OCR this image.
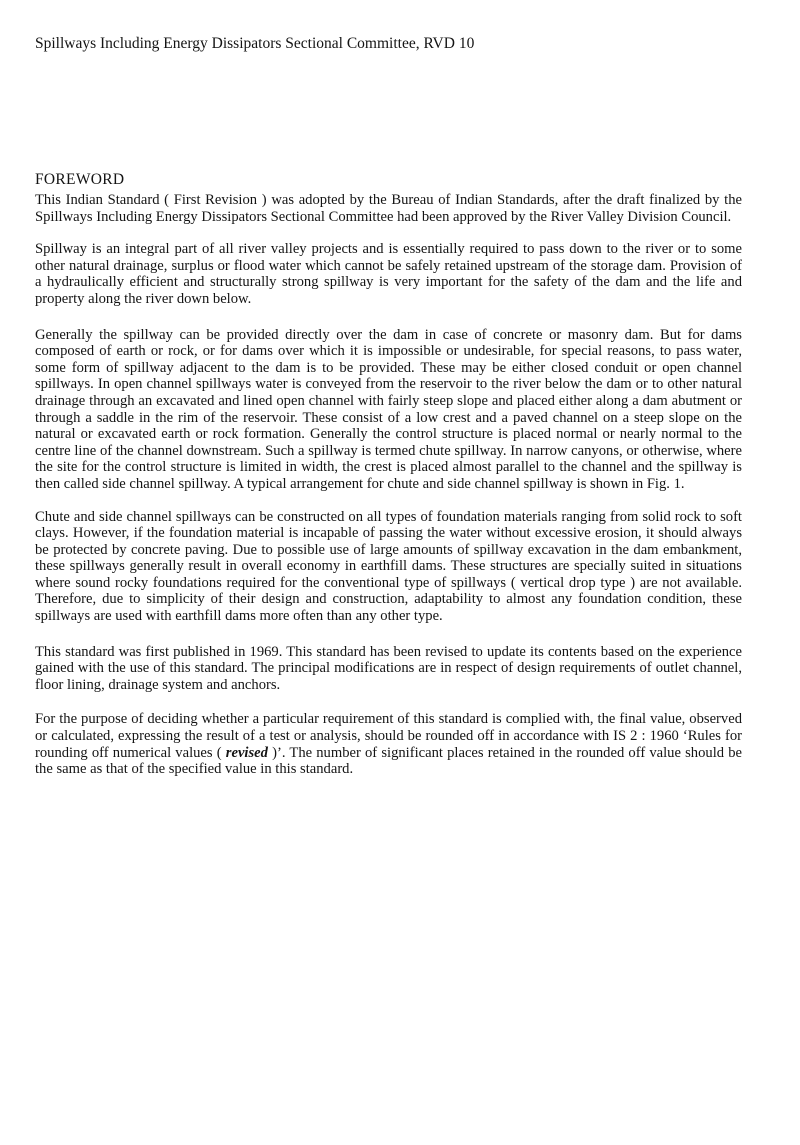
Spillways Including Energy Dissipators Sectional Committee, RVD 10
FOREWORD

This Indian Standard ( First Revision ) was adopted by the Bureau of Indian Standards, after the draft finalized by the Spillways Including Energy Dissipators Sectional Committee had been approved by the River Valley Division Council.

Spillway is an integral part of all river valley projects and is essentially required to pass down to the river or to some other natural drainage, surplus or flood water which cannot be safely retained upstream of the storage dam. Provision of a hydraulically efficient and structurally strong spillway is very important for the safety of the dam and the life and property along the river down below.

Generally the spillway can be provided directly over the dam in case of concrete or masonry dam. But for dams composed of earth or rock, or for dams over which it is impossible or undesirable, for special reasons, to pass water, some form of spillway adjacent to the dam is to be provided. These may be either closed conduit or open channel spillways. In open channel spillways water is conveyed from the reservoir to the river below the dam or to other natural drainage through an excavated and lined open channel with fairly steep slope and placed either along a dam abutment or through a saddle in the rim of the reservoir. These consist of a low crest and a paved channel on a steep slope on the natural or excavated earth or rock formation. Generally the control structure is placed normal or nearly normal to the centre line of the channel downstream. Such a spillway is termed chute spillway. In narrow canyons, or otherwise, where the site for the control structure is limited in width, the crest is placed almost parallel to the channel and the spillway is then called side channel spillway. A typical arrangement for chute and side channel spillway is shown in Fig. 1.

Chute and side channel spillways can be constructed on all types of foundation materials ranging from solid rock to soft clays. However, if the foundation material is incapable of passing the water without excessive erosion, it should always be protected by concrete paving. Due to possible use of large amounts of spillway excavation in the dam embankment, these spillways generally result in overall economy in earthfill dams. These structures are specially suited in situations where sound rocky foundations required for the conventional type of spillways ( vertical drop type ) are not available. Therefore, due to simplicity of their design and construction, adaptability to almost any foundation condition, these spillways are used with earthfill dams more often than any other type.

This standard was first published in 1969. This standard has been revised to update its contents based on the experience gained with the use of this standard. The principal modifications are in respect of design requirements of outlet channel, floor lining, drainage system and anchors.

For the purpose of deciding whether a particular requirement of this standard is complied with, the final value, observed or calculated, expressing the result of a test or analysis, should be rounded off in accordance with IS 2 : 1960 ‘Rules for rounding off numerical values ( revised )’. The number of significant places retained in the rounded off value should be the same as that of the specified value in this standard.
